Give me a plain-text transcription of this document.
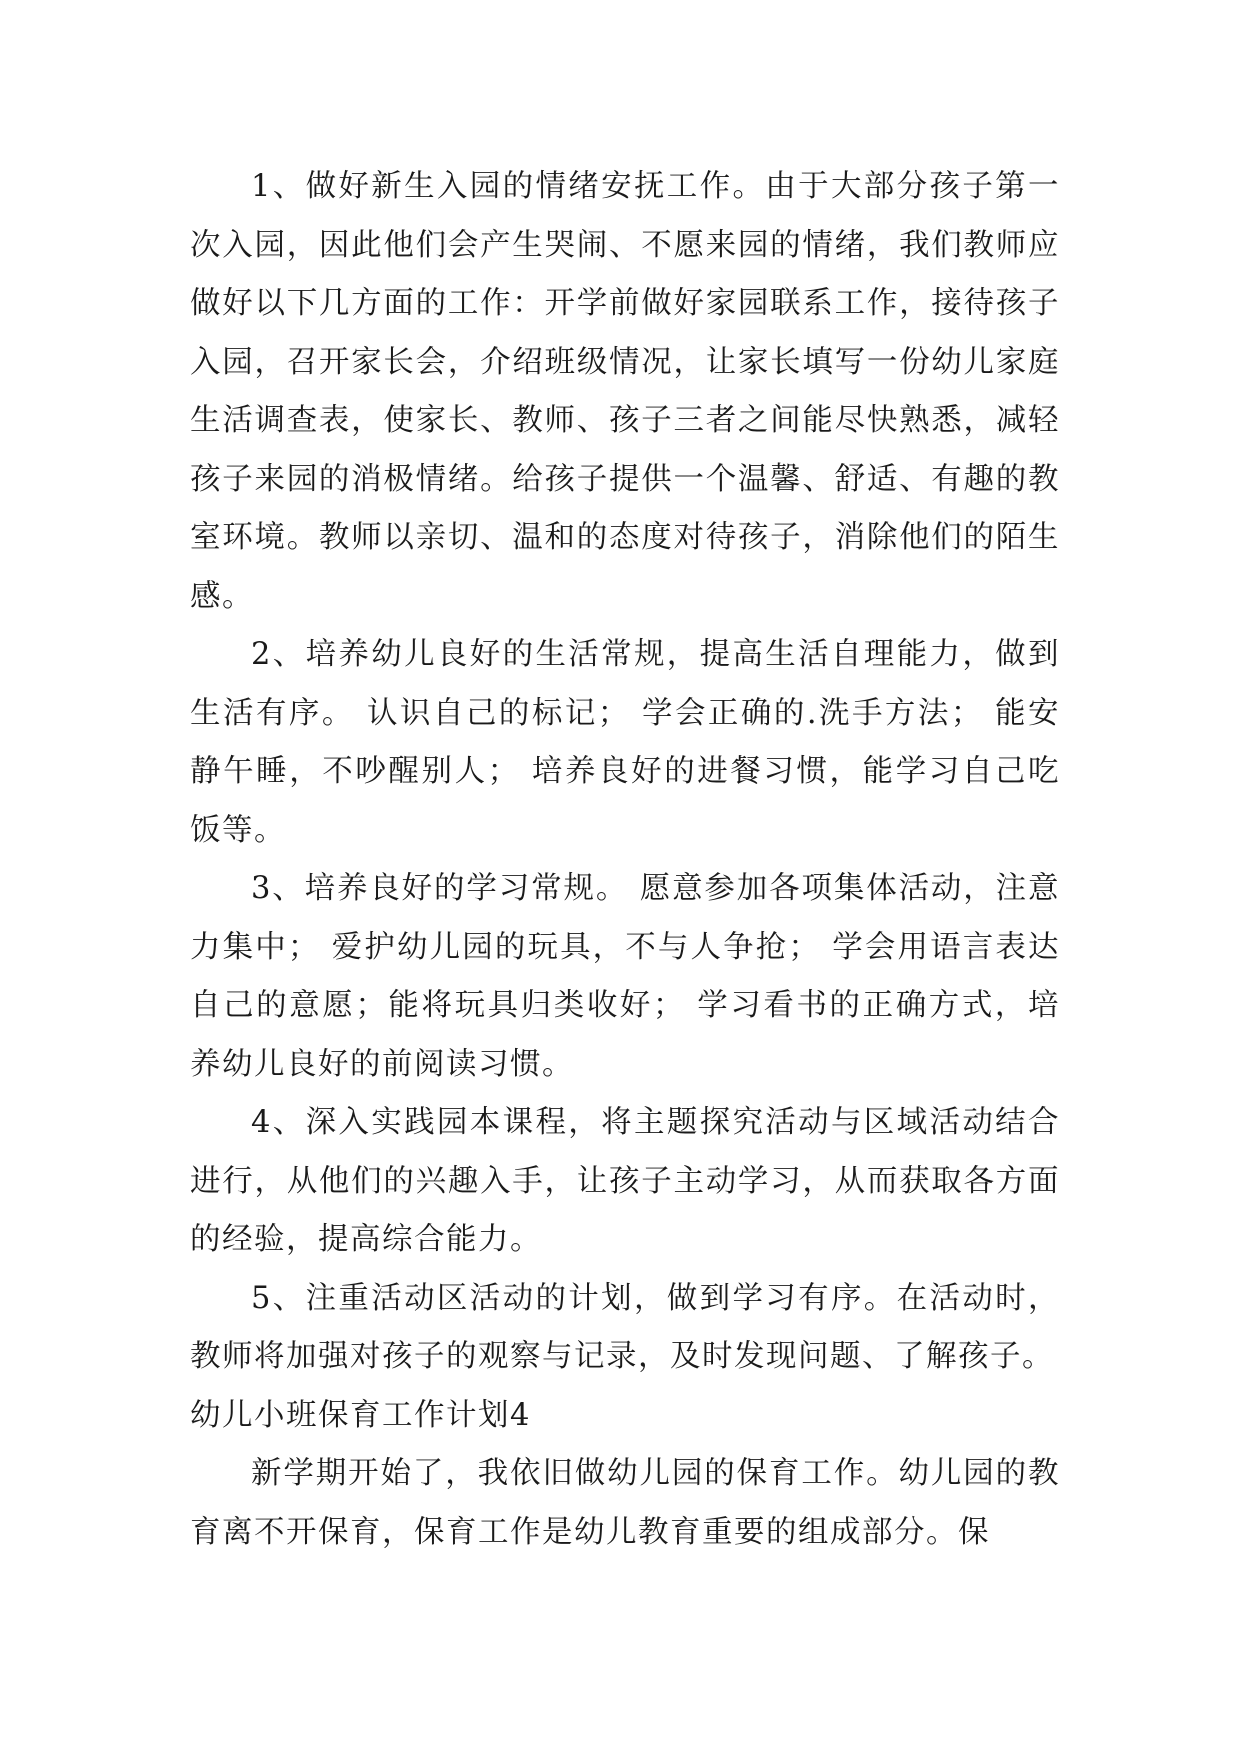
1、做好新生入园的情绪安抚工作。由于大部分孩子第一次入园，因此他们会产生哭闹、不愿来园的情绪，我们教师应做好以下几方面的工作：开学前做好家园联系工作，接待孩子入园，召开家长会，介绍班级情况，让家长填写一份幼儿家庭生活调查表，使家长、教师、孩子三者之间能尽快熟悉，减轻孩子来园的消极情绪。给孩子提供一个温馨、舒适、有趣的教室环境。教师以亲切、温和的态度对待孩子，消除他们的陌生感。

2、培养幼儿良好的生活常规，提高生活自理能力，做到生活有序。 认识自己的标记； 学会正确的.洗手方法； 能安静午睡，不吵醒别人； 培养良好的进餐习惯，能学习自己吃饭等。

3、培养良好的学习常规。 愿意参加各项集体活动，注意力集中； 爱护幼儿园的玩具，不与人争抢； 学会用语言表达自己的意愿；能将玩具归类收好； 学习看书的正确方式，培养幼儿良好的前阅读习惯。

4、深入实践园本课程，将主题探究活动与区域活动结合进行，从他们的兴趣入手，让孩子主动学习，从而获取各方面的经验，提高综合能力。

5、注重活动区活动的计划，做到学习有序。在活动时，教师将加强对孩子的观察与记录，及时发现问题、了解孩子。

幼儿小班保育工作计划4

新学期开始了，我依旧做幼儿园的保育工作。幼儿园的教育离不开保育，保育工作是幼儿教育重要的组成部分。保
